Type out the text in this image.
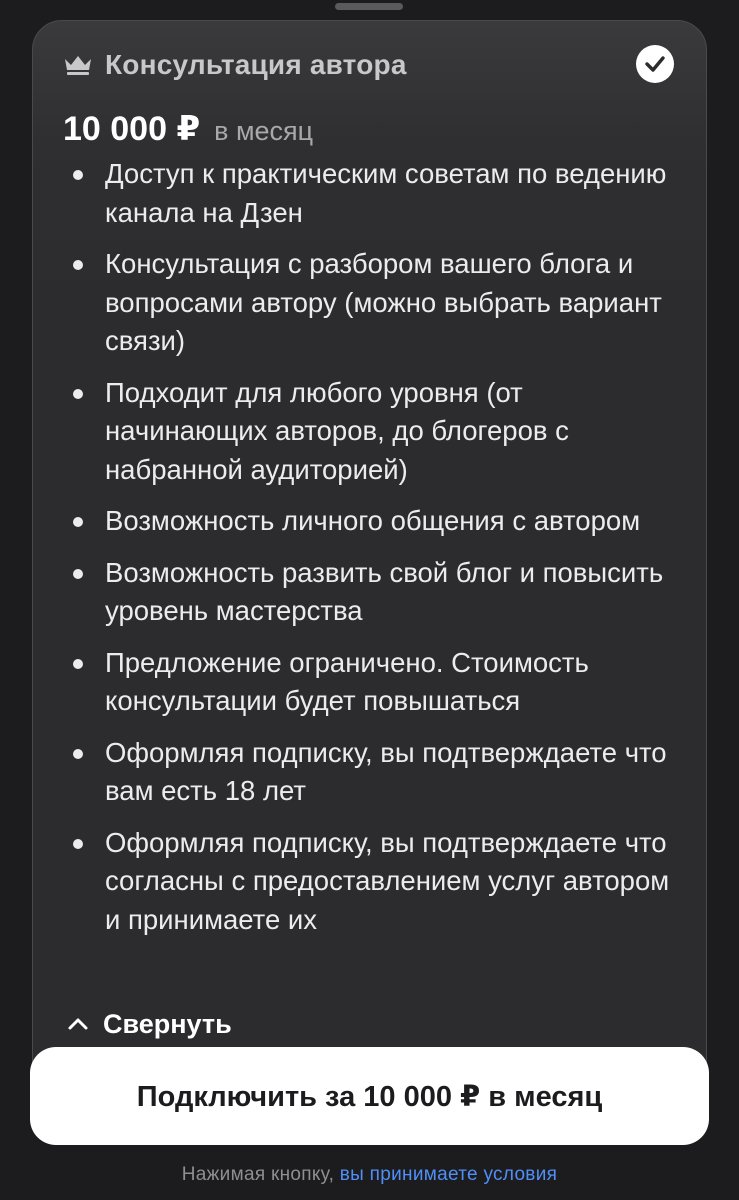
Консультация автора
10 000 ₽ в месяц
Доступ к практическим советам по ведению канала на Дзен
Консультация с разбором вашего блога и вопросами автору (можно выбрать вариант связи)
Подходит для любого уровня (от начинающих авторов, до блогеров с набранной аудиторией)
Возможность личного общения с автором
Возможность развить свой блог и повысить уровень мастерства
Предложение ограничено. Стоимость консультации будет повышаться
Оформляя подписку, вы подтверждаете что вам есть 18 лет
Оформляя подписку, вы подтверждаете что согласны с предоставлением услуг автором и принимаете их
Свернуть
Подключить за 10 000 ₽ в месяц
Нажимая кнопку, вы принимаете условия
